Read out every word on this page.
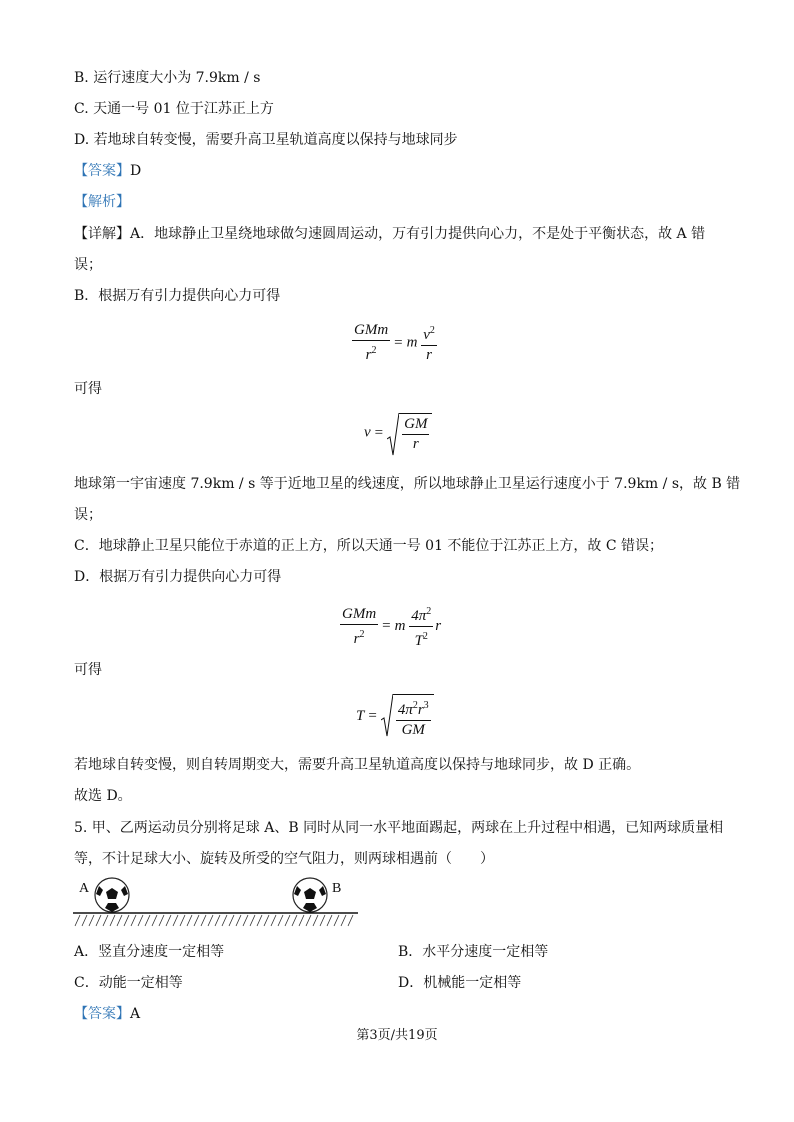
B. 运行速度大小为 7.9km / s
C. 天通一号 01 位于江苏正上方
D. 若地球自转变慢，需要升高卫星轨道高度以保持与地球同步
【答案】D
【解析】
【详解】A．地球静止卫星绕地球做匀速圆周运动，万有引力提供向心力，不是处于平衡状态，故 A 错
误；
B．根据万有引力提供向心力可得
$\frac{\text{GMm}}{r^2} = m \frac{v^2}{r}$
可得
$v = \frac{GM}{r}$
地球第一宇宙速度 7.9km / s 等于近地卫星的线速度，所以地球静止卫星运行速度小于 7.9km / s，故 B 错
误；
C．地球静止卫星只能位于赤道的正上方，所以天通一号 01 不能位于江苏正上方，故 C 错误；
D．根据万有引力提供向心力可得
$\frac{\text{GMm}}{r^2} = m \frac{4\pi^2}{T^2}$ r
可得
$T = \frac{4\pi^2r^3}{GM}$
若地球自转变慢，则自转周期变大，需要升高卫星轨道高度以保持与地球同步，故 D 正确。
故选 D。
5. 甲、乙两运动员分别将足球 A、B 同时从同一水平地面踢起，两球在上升过程中相遇，已知两球质量相
等，不计足球大小、旋转及所受的空气阻力，则两球相遇前（　　）
A	B
A．竖直分速度一定相等	B．水平分速度一定相等
C．动能一定相等	D．机械能一定相等
【答案】A
第3页/共19页
